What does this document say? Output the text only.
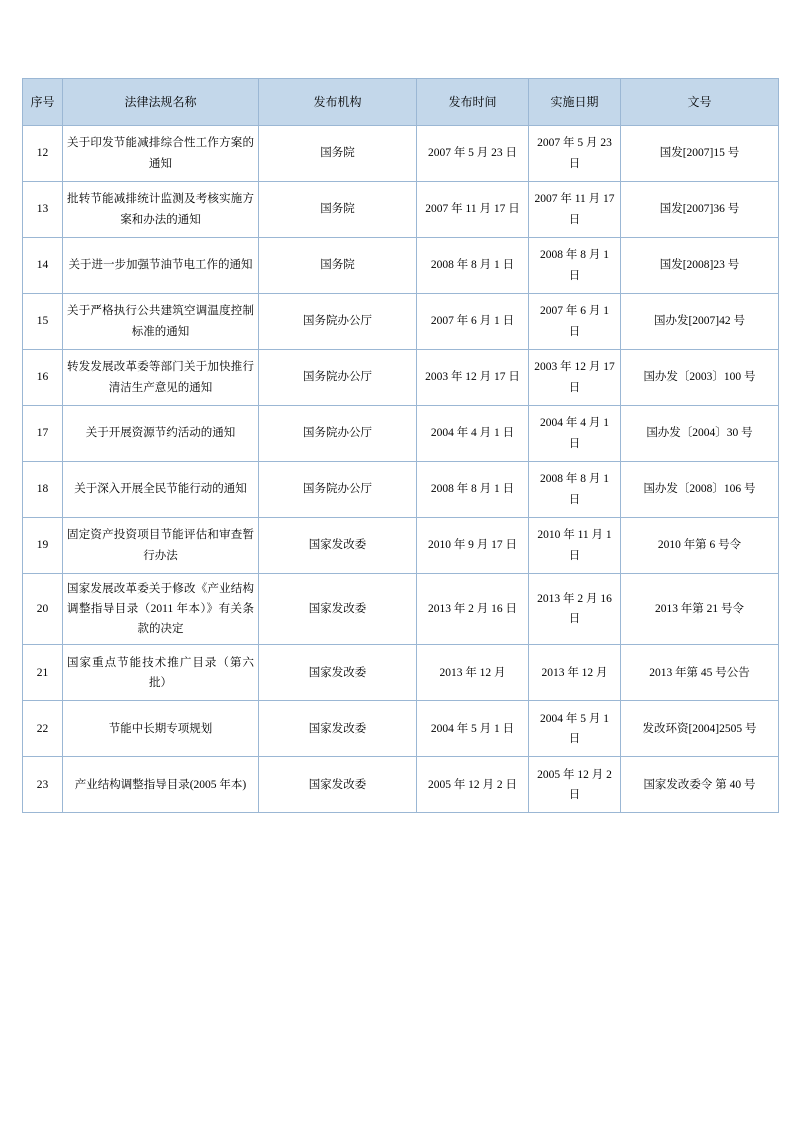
序号	法律法规名称	发布机构	发布时间	实施日期	文号
12	关于印发节能减排综合性工作方案的通知	国务院	2007 年 5 月 23 日	2007 年 5 月 23 日	国发[2007]15 号
13	批转节能减排统计监测及考核实施方案和办法的通知	国务院	2007 年 11 月 17 日	2007 年 11 月 17 日	国发[2007]36 号
14	关于进一步加强节油节电工作的通知	国务院	2008 年 8 月 1 日	2008 年 8 月 1 日	国发[2008]23 号
15	关于严格执行公共建筑空调温度控制标准的通知	国务院办公厅	2007 年 6 月 1 日	2007 年 6 月 1 日	国办发[2007]42 号
16	转发发展改革委等部门关于加快推行清洁生产意见的通知	国务院办公厅	2003 年 12 月 17 日	2003 年 12 月 17 日	国办发〔2003〕100 号
17	关于开展资源节约活动的通知	国务院办公厅	2004 年 4 月 1 日	2004 年 4 月 1 日	国办发〔2004〕30 号
18	关于深入开展全民节能行动的通知	国务院办公厅	2008 年 8 月 1 日	2008 年 8 月 1 日	国办发〔2008〕106 号
19	固定资产投资项目节能评估和审查暂行办法	国家发改委	2010 年 9 月 17 日	2010 年 11 月 1 日	2010 年第 6 号令
20	国家发展改革委关于修改《产业结构调整指导目录（2011 年本）》有关条款的决定	国家发改委	2013 年 2 月 16 日	2013 年 2 月 16 日	2013 年第 21 号令
21	国家重点节能技术推广目录（第六批）	国家发改委	2013 年 12 月	2013 年 12 月	2013 年第 45 号公告
22	节能中长期专项规划	国家发改委	2004 年 5 月 1 日	2004 年 5 月 1 日	发改环资[2004]2505 号
23	产业结构调整指导目录(2005 年本)	国家发改委	2005 年 12 月 2 日	2005 年 12 月 2 日	国家发改委令 第 40 号
